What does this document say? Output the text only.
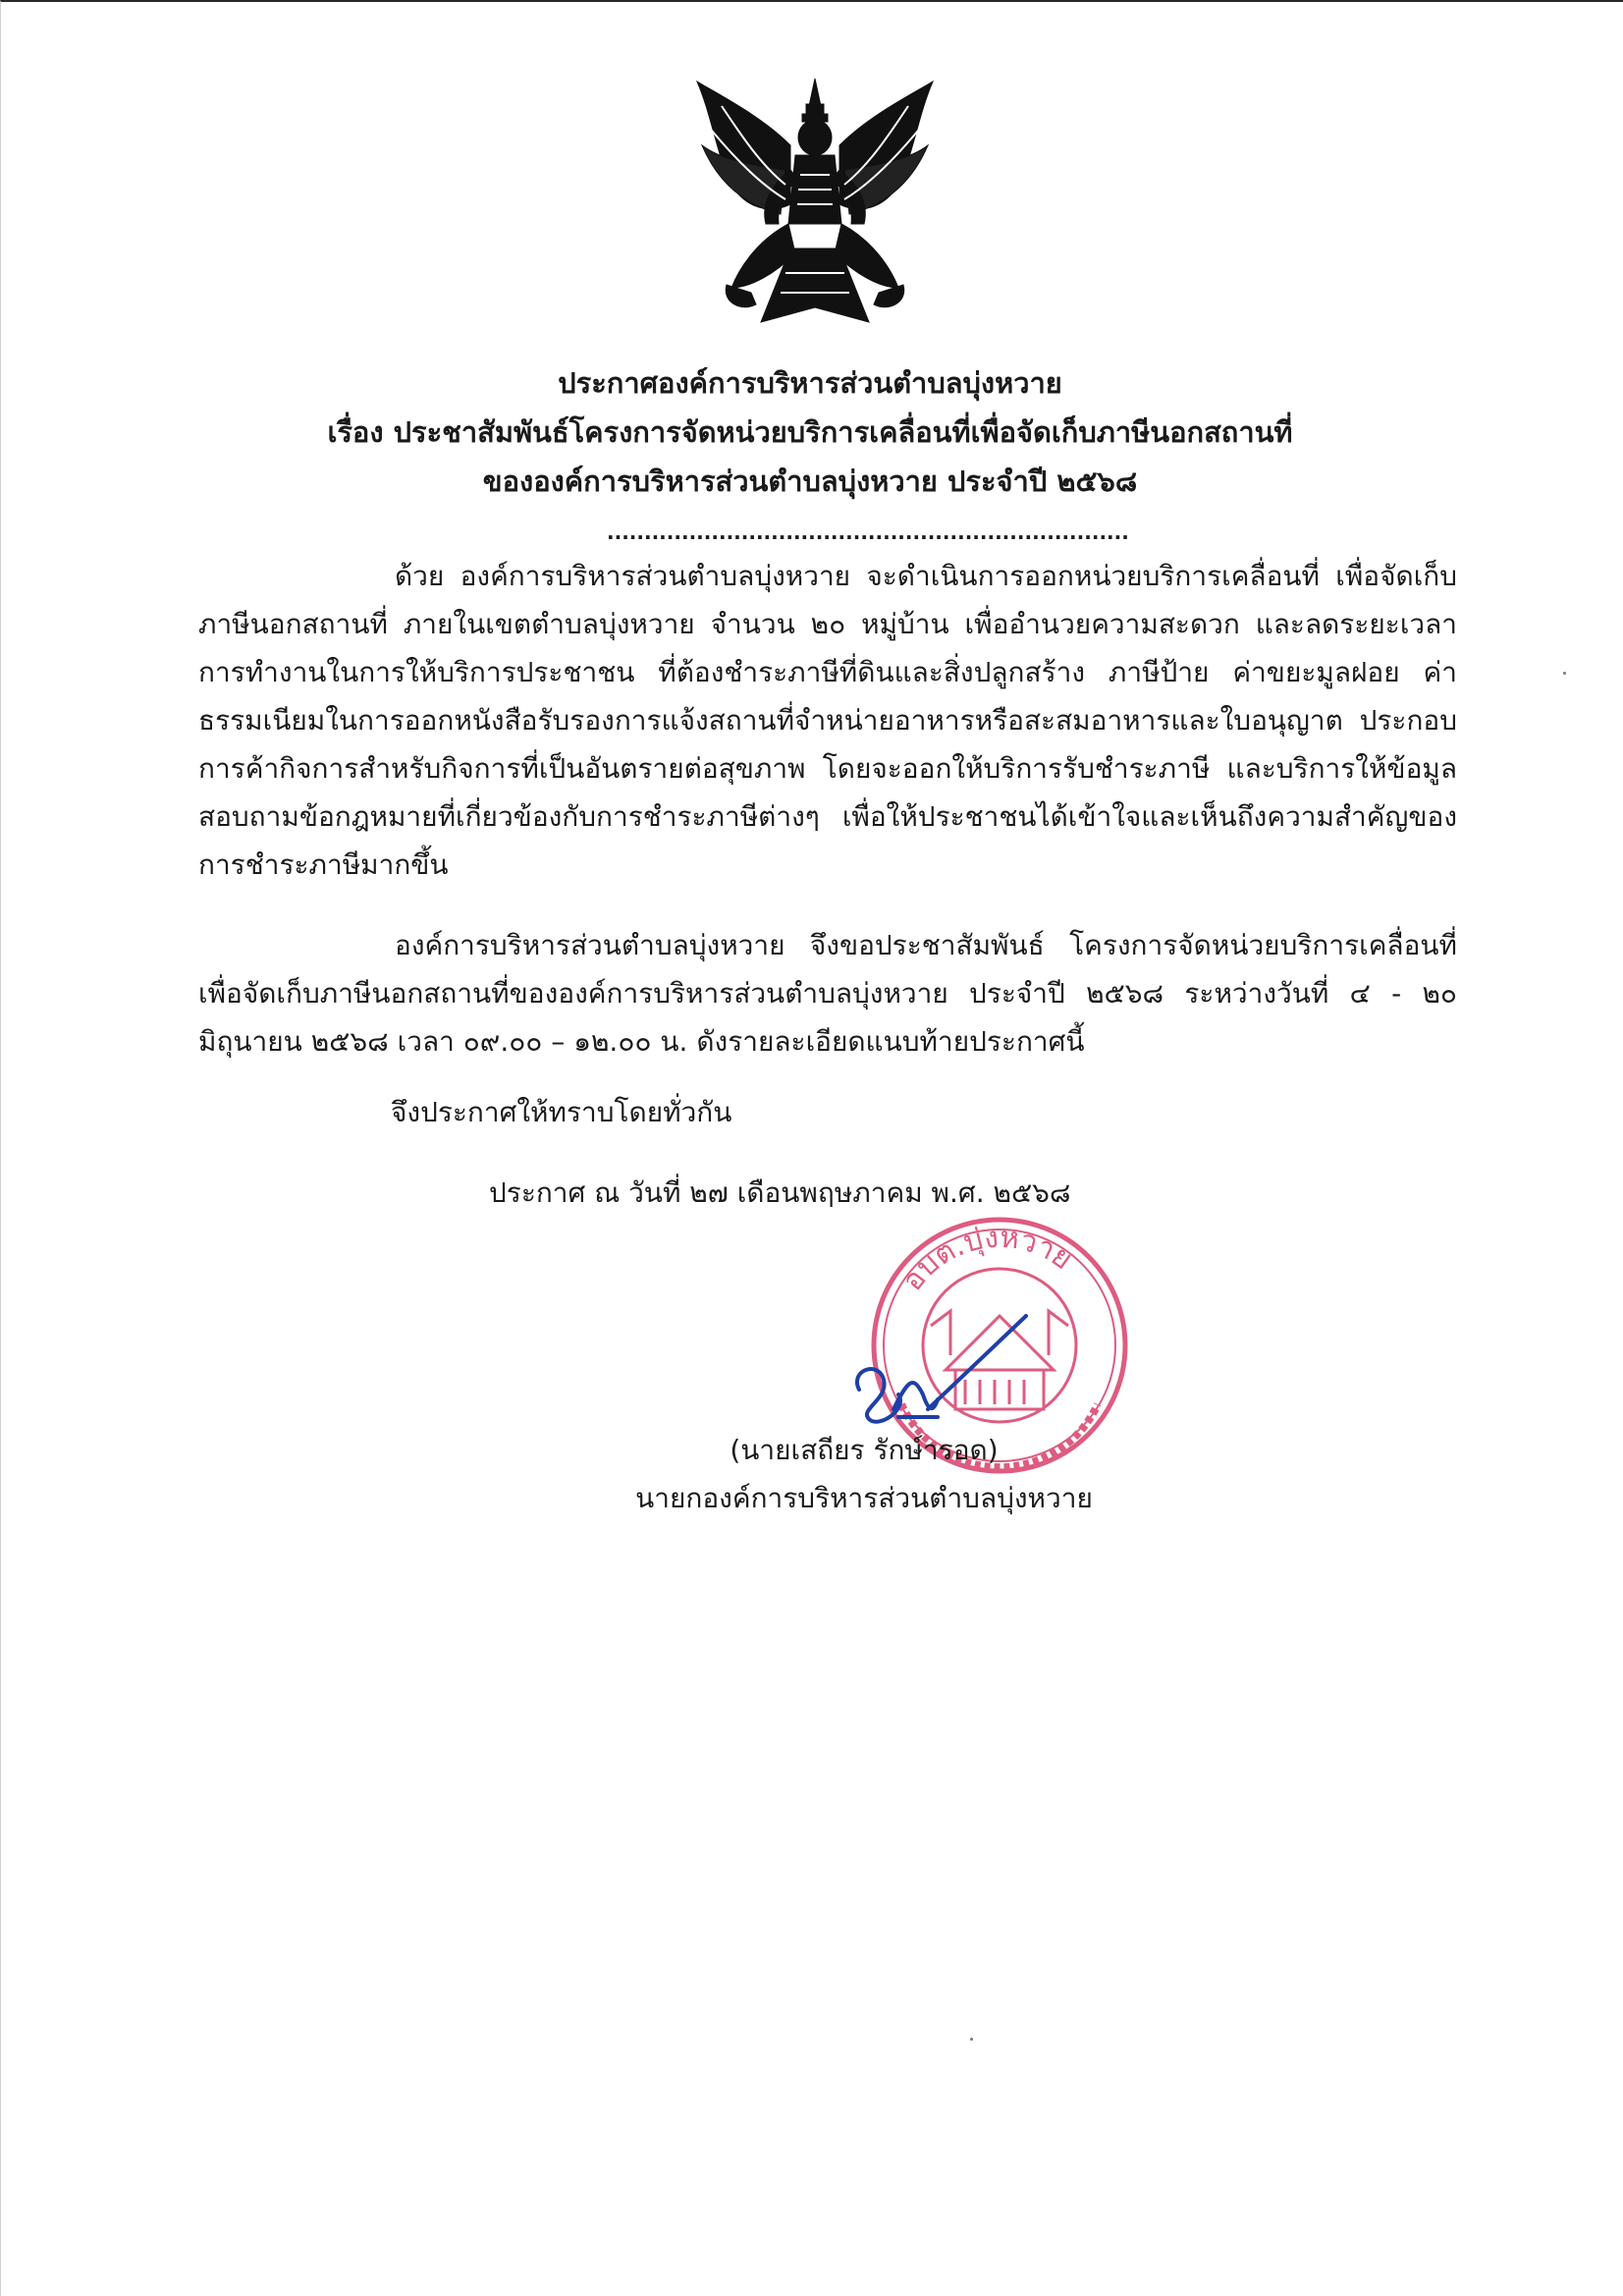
ประกาศองค์การบริหารส่วนตำบลบุ่งหวาย
เรื่อง ประชาสัมพันธ์โครงการจัดหน่วยบริการเคลื่อนที่เพื่อจัดเก็บภาษีนอกสถานที่
ขององค์การบริหารส่วนตำบลบุ่งหวาย ประจำปี ๒๕๖๘
......................................................................

ด้วย องค์การบริหารส่วนตำบลบุ่งหวาย จะดำเนินการออกหน่วยบริการเคลื่อนที่ เพื่อจัดเก็บภาษีนอกสถานที่ ภายในเขตตำบลบุ่งหวาย จำนวน ๒๐ หมู่บ้าน เพื่ออำนวยความสะดวก และลดระยะเวลาการทำงานในการให้บริการประชาชน ที่ต้องชำระภาษีที่ดินและสิ่งปลูกสร้าง ภาษีป้าย ค่าขยะมูลฝอย ค่าธรรมเนียมในการออกหนังสือรับรองการแจ้งสถานที่จำหน่ายอาหารหรือสะสมอาหารและใบอนุญาต ประกอบการค้ากิจการสำหรับกิจการที่เป็นอันตรายต่อสุขภาพ โดยจะออกให้บริการรับชำระภาษี และบริการให้ข้อมูลสอบถามข้อกฎหมายที่เกี่ยวข้องกับการชำระภาษีต่างๆ เพื่อให้ประชาชนได้เข้าใจและเห็นถึงความสำคัญของการชำระภาษีมากขึ้น

องค์การบริหารส่วนตำบลบุ่งหวาย จึงขอประชาสัมพันธ์ โครงการจัดหน่วยบริการเคลื่อนที่ เพื่อจัดเก็บภาษีนอกสถานที่ขององค์การบริหารส่วนตำบลบุ่งหวาย ประจำปี ๒๕๖๘ ระหว่างวันที่ ๔ - ๒๐ มิถุนายน ๒๕๖๘ เวลา ๐๙.๐๐ – ๑๒.๐๐ น. ดังรายละเอียดแนบท้ายประกาศนี้

จึงประกาศให้ทราบโดยทั่วกัน
ประกาศ ณ วันที่ ๒๗ เดือนพฤษภาคม พ.ศ. ๒๕๖๘
อบต.บุ่งหวาย
(นายเสถียร รักษ์ารอด)
นายกองค์การบริหารส่วนตำบลบุ่งหวาย
